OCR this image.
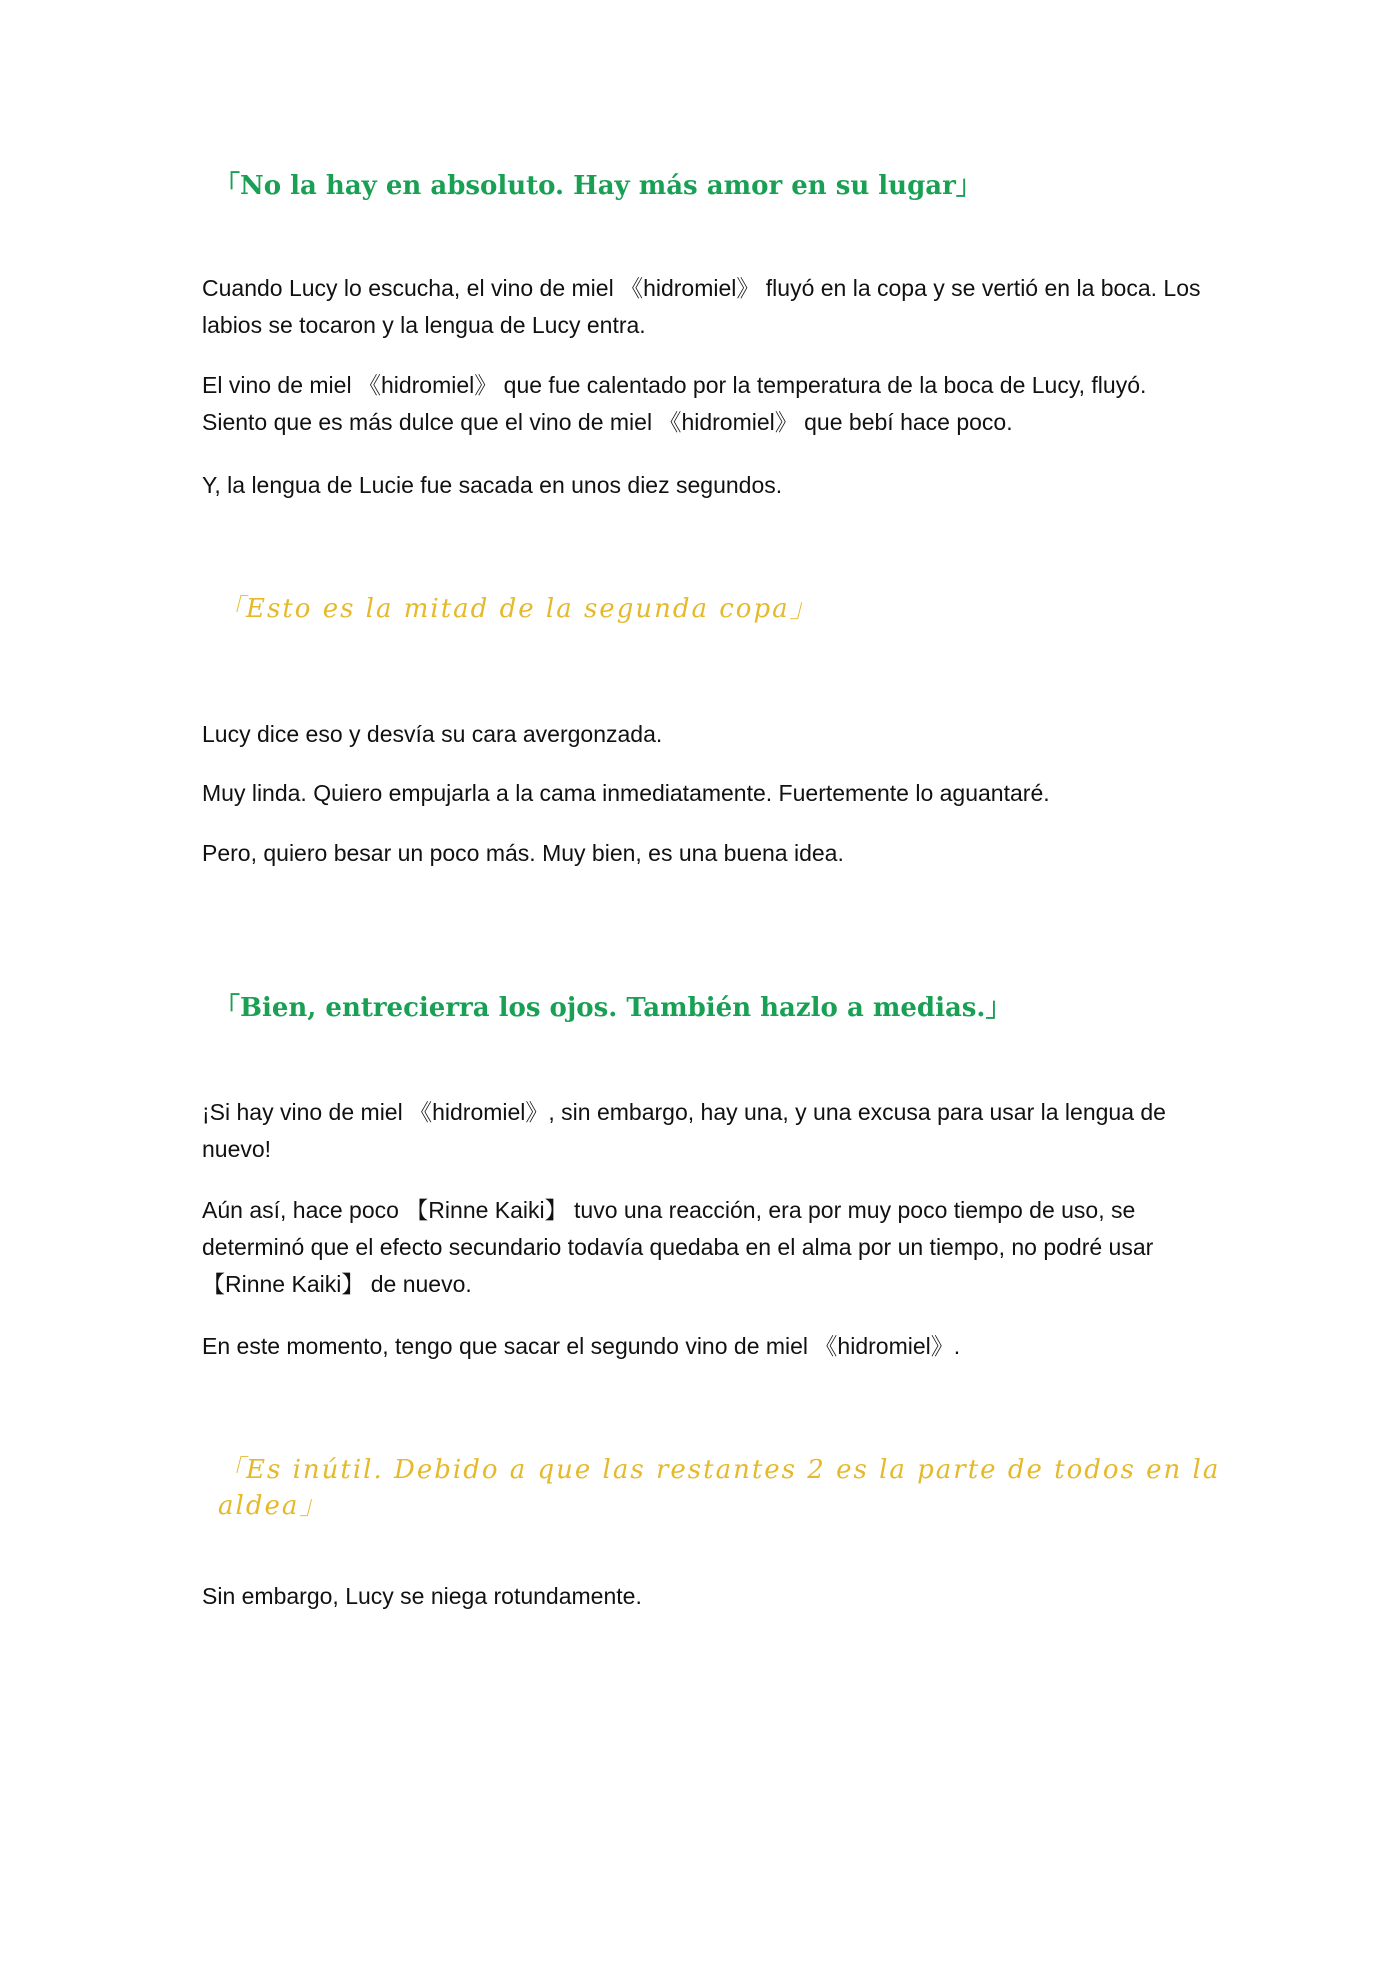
「No la hay en absoluto. Hay más amor en su lugar」

Cuando Lucy lo escucha, el vino de miel 《hidromiel》 fluyó en la copa y se vertió en la boca. Los labios se tocaron y la lengua de Lucy entra.

El vino de miel 《hidromiel》 que fue calentado por la temperatura de la boca de Lucy, fluyó. Siento que es más dulce que el vino de miel 《hidromiel》 que bebí hace poco.

Y, la lengua de Lucie fue sacada en unos diez segundos.

「Esto es la mitad de la segunda copa」

Lucy dice eso y desvía su cara avergonzada.

Muy linda. Quiero empujarla a la cama inmediatamente. Fuertemente lo aguantaré.

Pero, quiero besar un poco más. Muy bien, es una buena idea.

「Bien, entrecierra los ojos. También hazlo a medias.」

¡Si hay vino de miel 《hidromiel》, sin embargo, hay una, y una excusa para usar la lengua de nuevo!

Aún así, hace poco 【Rinne Kaiki】 tuvo una reacción, era por muy poco tiempo de uso, se determinó que el efecto secundario todavía quedaba en el alma por un tiempo, no podré usar 【Rinne Kaiki】 de nuevo.

En este momento, tengo que sacar el segundo vino de miel 《hidromiel》.

「Es inútil. Debido a que las restantes 2 es la parte de todos en la aldea」

Sin embargo, Lucy se niega rotundamente.
